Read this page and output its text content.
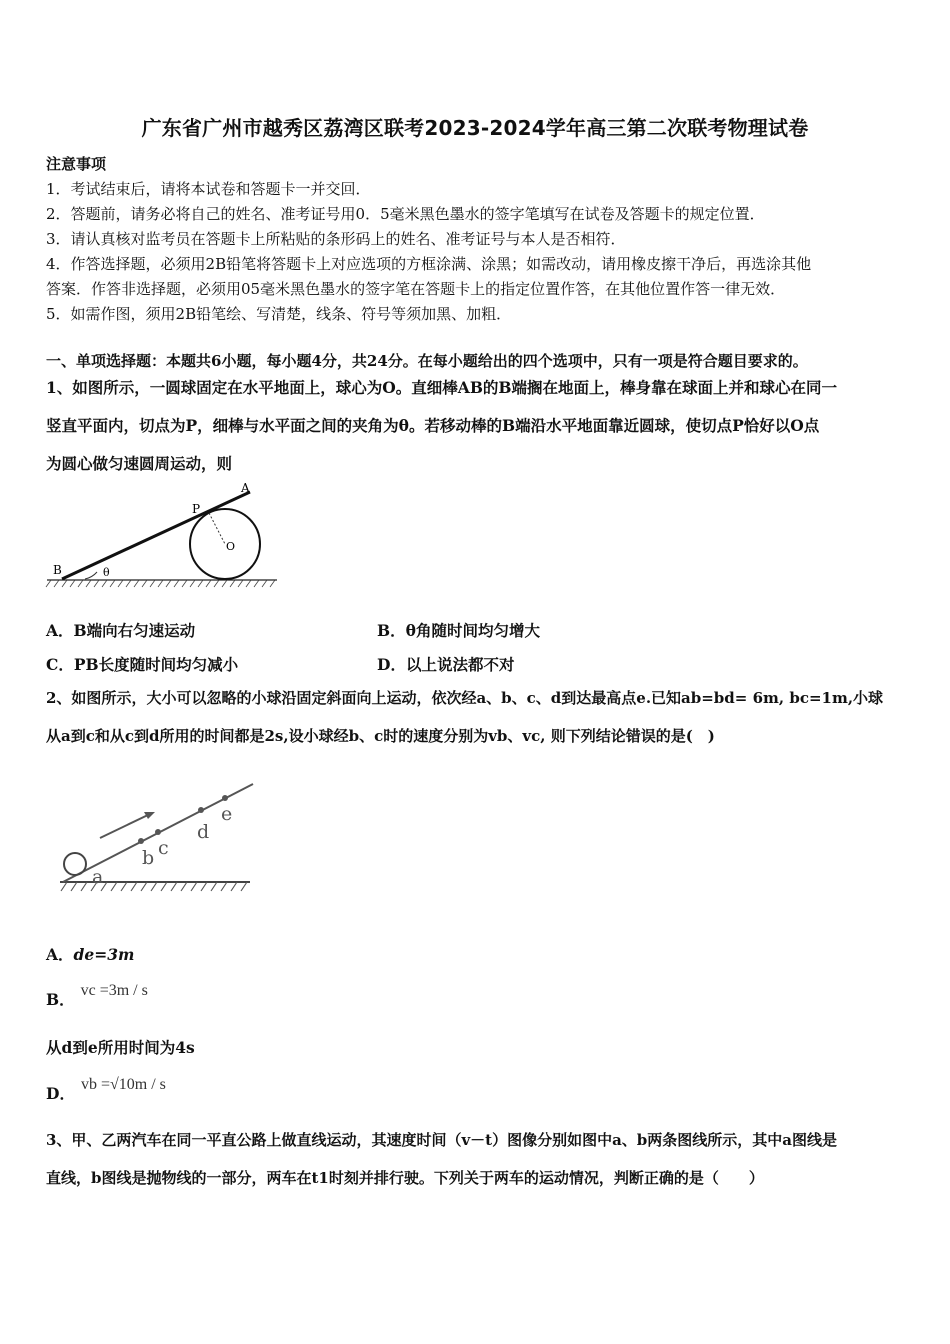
广东省广州市越秀区荔湾区联考2023-2024学年高三第二次联考物理试卷
注意事项
1．考试结束后，请将本试卷和答题卡一并交回．
2．答题前，请务必将自己的姓名、准考证号用0．5毫米黑色墨水的签字笔填写在试卷及答题卡的规定位置．
3．请认真核对监考员在答题卡上所粘贴的条形码上的姓名、准考证号与本人是否相符．
4．作答选择题，必须用2B铅笔将答题卡上对应选项的方框涂满、涂黑；如需改动，请用橡皮擦干净后，再选涂其他
答案．作答非选择题，必须用05毫米黑色墨水的签字笔在答题卡上的指定位置作答，在其他位置作答一律无效．
5．如需作图，须用2B铅笔绘、写清楚，线条、符号等须加黑、加粗．
一、单项选择题：本题共6小题，每小题4分，共24分。在每小题给出的四个选项中，只有一项是符合题目要求的。
1、如图所示，一圆球固定在水平地面上，球心为O。直细棒AB的B端搁在地面上，棒身靠在球面上并和球心在同一
竖直平面内，切点为P，细棒与水平面之间的夹角为θ。若移动棒的B端沿水平地面靠近圆球，使切点P恰好以O点
为圆心做匀速圆周运动，则
A
P
O
B	θ
A．B端向右匀速运动	B．θ角随时间均匀增大
C．PB长度随时间均匀减小	D．以上说法都不对
2、如图所示，大小可以忽略的小球沿固定斜面向上运动，依次经a、b、c、d到达最高点e.已知ab=bd= 6m, bc=1m,小球
从a到c和从c到d所用的时间都是2s,设小球经b、c时的速度分别为vb、vc, 则下列结论错误的是(　)
a
b c
d
e
A．de=3m
B． vc =3m / s
从d到e所用时间为4s
D． vb =√10m / s
3、甲、乙两汽车在同一平直公路上做直线运动，其速度时间（v－t）图像分别如图中a、b两条图线所示，其中a图线是
直线，b图线是抛物线的一部分，两车在t1时刻并排行驶。下列关于两车的运动情况，判断正确的是（　　）
